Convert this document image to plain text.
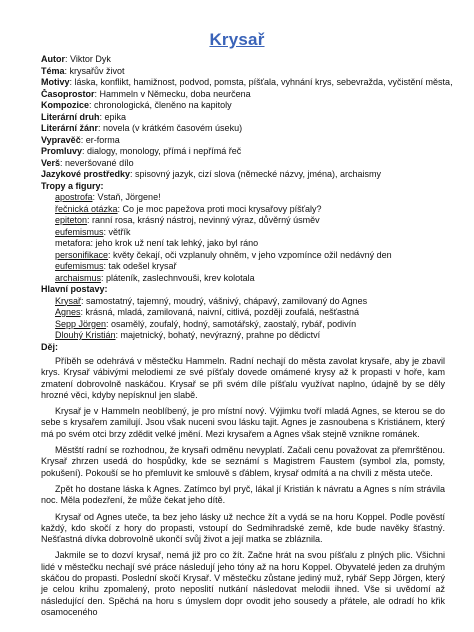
Krysař
Autor: Viktor Dyk
Téma: krysařův život
Motivy: láska, konflikt, hamižnost, podvod, pomsta, píšťala, vyhnání krys, sebevražda, vyčistění města,
Časoprostor: Hammeln v Německu, doba neurčena
Kompozice: chronologická, členěno na kapitoly
Literární druh: epika
Literární žánr: novela (v krátkém časovém úseku)
Vypravěč: er-forma
Promluvy: dialogy, monology, přímá i nepřímá řeč
Verš: neveršované dílo
Jazykové prostředky: spisovný jazyk, cizí slova (německé názvy, jména), archaismy
Tropy a figury:
apostrofa: Vstaň, Jörgene!
řečnická otázka: Co je moc papežova proti moci krysařovy píšťaly?
epiteton: ranní rosa, krásný nástroj, nevinný výraz, důvěrný úsměv
eufemismus: větřík
metafora: jeho krok už není tak lehký, jako byl ráno
personifikace: květy čekají, oči vzplanuly ohněm, v jeho vzpomínce ožil nedávný den
eufemismus: tak odešel krysař
archaismus: pláteník, zaslechnvouši, krev kolotala
Hlavní postavy:
Krysař: samostatný, tajemný, moudrý, vášnivý, chápavý, zamilovaný do Agnes
Agnes: krásná, mladá, zamilovaná, naivní, citlivá, později zoufalá, nešťastná
Sepp Jörgen: osamělý, zoufalý, hodný, samotářský, zaostalý, rybář, podivín
Dlouhý Kristián: majetnický, bohatý, nevýrazný, prahne po dědictví
Děj:

Příběh se odehrává v městečku Hammeln. Radní nechají do města zavolat krysaře, aby je zbavil krys. Krysař vábivými melodiemi ze své píšťaly dovede omámené krysy až k propasti v hoře, kam zmatení dobrovolně naskáčou. Krysař se při svém díle píšťalu využívat naplno, údajně by se děly hrozné věci, kdyby nepísknul jen slabě.

Krysař je v Hammeln neoblíbený, je pro místní nový. Výjimku tvoří mladá Agnes, se kterou se do sebe s krysařem zamilují. Jsou však nuceni svou lásku tajit. Agnes je zasnoubena s Kristiánem, který má po svém otci brzy zdědit velké jmění. Mezi krysařem a Agnes však stejně vznikne románek.

Městští radní se rozhodnou, že krysaři odměnu nevyplatí. Začali cenu považovat za přemrštěnou. Krysař zhrzen usedá do hospůdky, kde se seznámí s Magistrem Faustem (symbol zla, pomsty, pokušení). Pokouší se ho přemluvit ke smlouvě s ďáblem, krysař odmítá a na chvíli z města uteče.

Zpět ho dostane láska k Agnes. Zatímco byl pryč, lákal jí Kristián k návratu a Agnes s ním strávila noc. Měla podezření, že může čekat jeho dítě.

Krysař od Agnes uteče, ta bez jeho lásky už nechce žít a vydá se na horu Koppel. Podle pověstí každý, kdo skočí z hory do propasti, vstoupí do Sedmihradské země, kde bude navěky šťastný. Nešťastná dívka dobrovolně ukončí svůj život a její matka se zbláznila.

Jakmile se to dozví krysař, nemá již pro co žít. Začne hrát na svou píšťalu z plných plic. Všichni lidé v městečku nechají své práce následují jeho tóny až na horu Koppel. Obyvatelé jeden za druhým skáčou do propasti. Poslední skočí Krysař. V městečku zůstane jediný muž, rybář Sepp Jörgen, který je celou krihu zpomalený, proto neposlití nutkání následovat melodii ihned. Vše si uvědomí až následující den. Spěchá na horu s úmyslem dopr ovodit jeho sousedy a přátele, ale odradí ho křik osamoceného
